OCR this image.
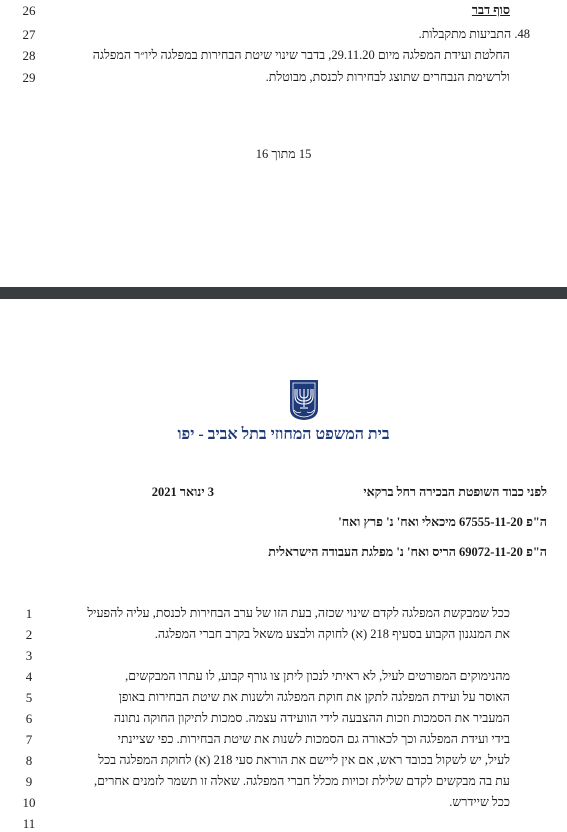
26	סוף דבר
27	48. התביעות מתקבלות.
28	החלטת ועידת המפלגה מיום 29.11.20, בדבר שינוי שיטת הבחירות במפלגה ליו״ר המפלגה
29	ולרשימת הנבחרים שתוצג לבחירות לכנסת, מבוטלת.
15 מתוך 16
בית המשפט המחוזי בתל אביב - יפו
לפני כבוד השופטת הבכירה רחל ברקאי
3 ינואר 2021
ה"פ 67555-11-20 מיכאלי ואח' נ' פרץ ואח'
ה"פ 69072-11-20 הריס ואח' נ' מפלגת העבודה הישראלית
1	ככל שמבקשת המפלגה לקדם שינוי שכזה, בעת הזו של ערב הבחירות לכנסת, עליה להפעיל
2	את המנגנון הקבוע בסעיף 218 (א) לחוקה ולבצע משאל בקרב חברי המפלגה.
3
4	מהנימוקים המפורטים לעיל, לא ראיתי לנכון ליתן צו גורף קבוע, לו עתרו המבקשים,
5	האוסר על ועידת המפלגה לתקן את חוקת המפלגה ולשנות את שיטת הבחירות באופן
6	המעביר את הסמכות וזכות ההצבעה לידי הוועידה עצמה. סמכות לתיקון החוקה נתונה
7	בידי ועידת המפלגה וכך לכאורה גם הסמכות לשנות את שיטת הבחירות. כפי שציינתי
8	לעיל, יש לשקול בכובד ראש, אם אין ליישם את הוראת סעי 218 (א) לחוקת המפלגה בכל
9	עת בה מבקשים לקדם שלילת זכויות מכלל חברי המפלגה. שאלה זו תשמר לזמנים אחרים,
10	ככל שיידרש.
11
